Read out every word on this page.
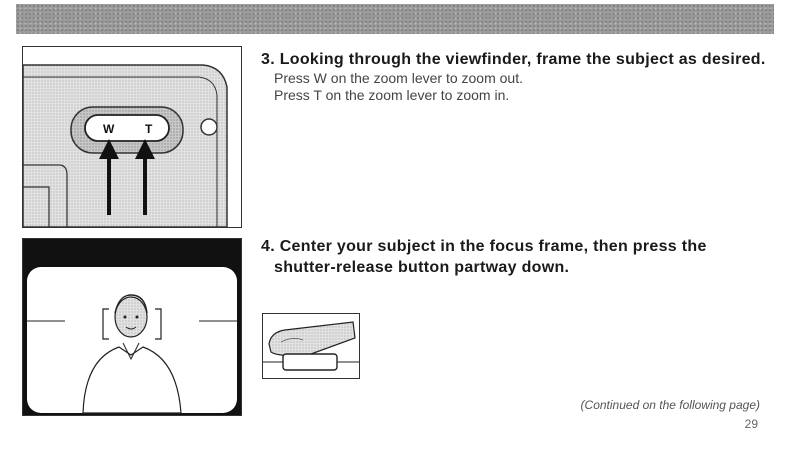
W	T

3. Looking through the viewfinder, frame the subject as desired.

Press W on the zoom lever to zoom out.

Press T on the zoom lever to zoom in.

4. Center your subject in the focus frame, then press the shutter-release button partway down.

(Continued on the following page)
29
